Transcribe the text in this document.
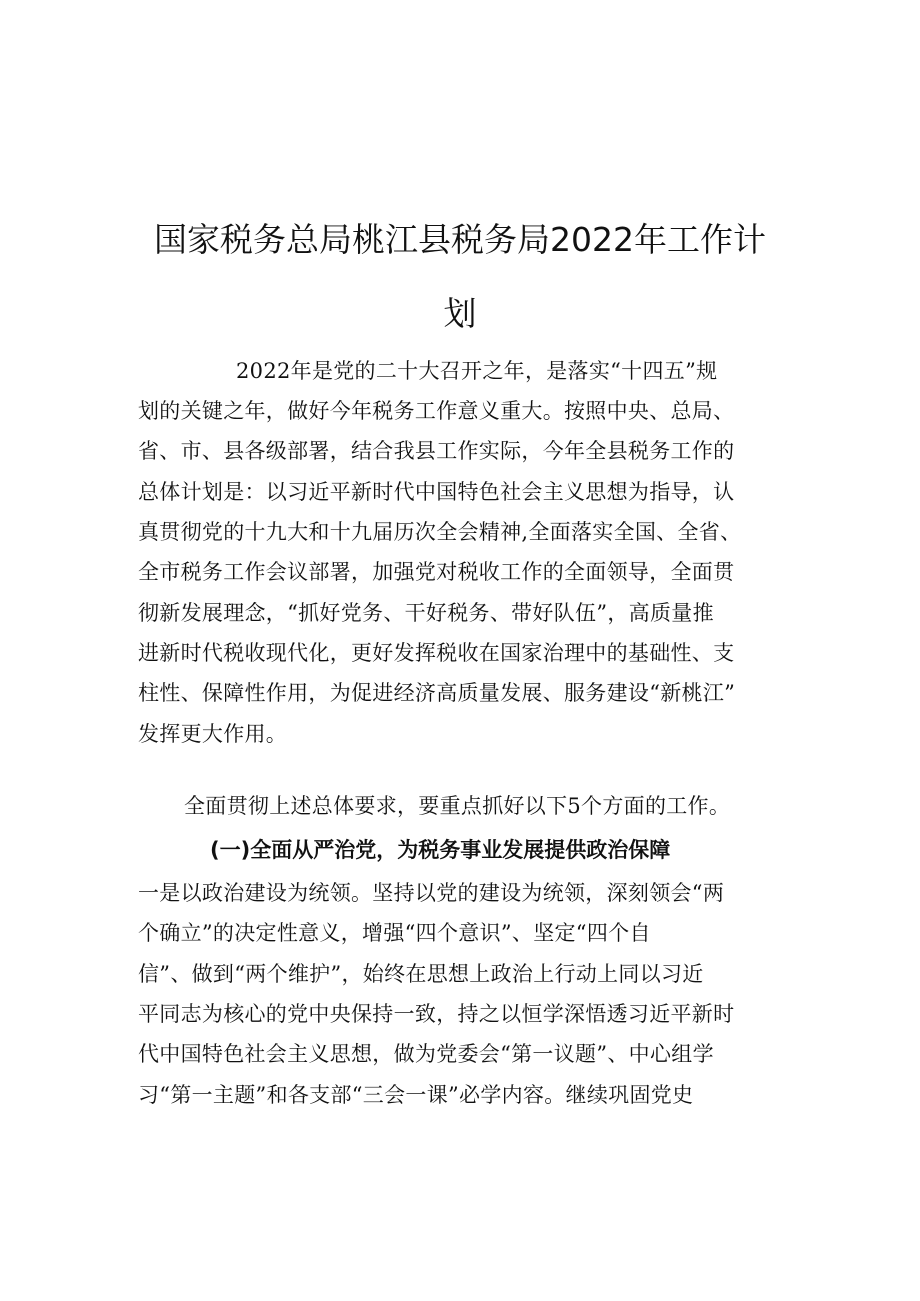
国家税务总局桃江县税务局2022年工作计
划
2022年是党的二十大召开之年，是落实“十四五”规
划的关键之年，做好今年税务工作意义重大。按照中央、总局、
省、市、县各级部署，结合我县工作实际，今年全县税务工作的
总体计划是：以习近平新时代中国特色社会主义思想为指导，认
真贯彻党的十九大和十九届历次全会精神,全面落实全国、全省、
全市税务工作会议部署，加强党对税收工作的全面领导，全面贯
彻新发展理念，“抓好党务、干好税务、带好队伍”，高质量推
进新时代税收现代化，更好发挥税收在国家治理中的基础性、支
柱性、保障性作用，为促进经济高质量发展、服务建设“新桃江”
发挥更大作用。
全面贯彻上述总体要求，要重点抓好以下5个方面的工作。
(一)全面从严治党，为税务事业发展提供政治保障
一是以政治建设为统领。坚持以党的建设为统领，深刻领会“两
个确立”的决定性意义，增强“四个意识”、坚定“四个自
信”、做到“两个维护”，始终在思想上政治上行动上同以习近
平同志为核心的党中央保持一致，持之以恒学深悟透习近平新时
代中国特色社会主义思想，做为党委会“第一议题”、中心组学
习“第一主题”和各支部“三会一课”必学内容。继续巩固党史
